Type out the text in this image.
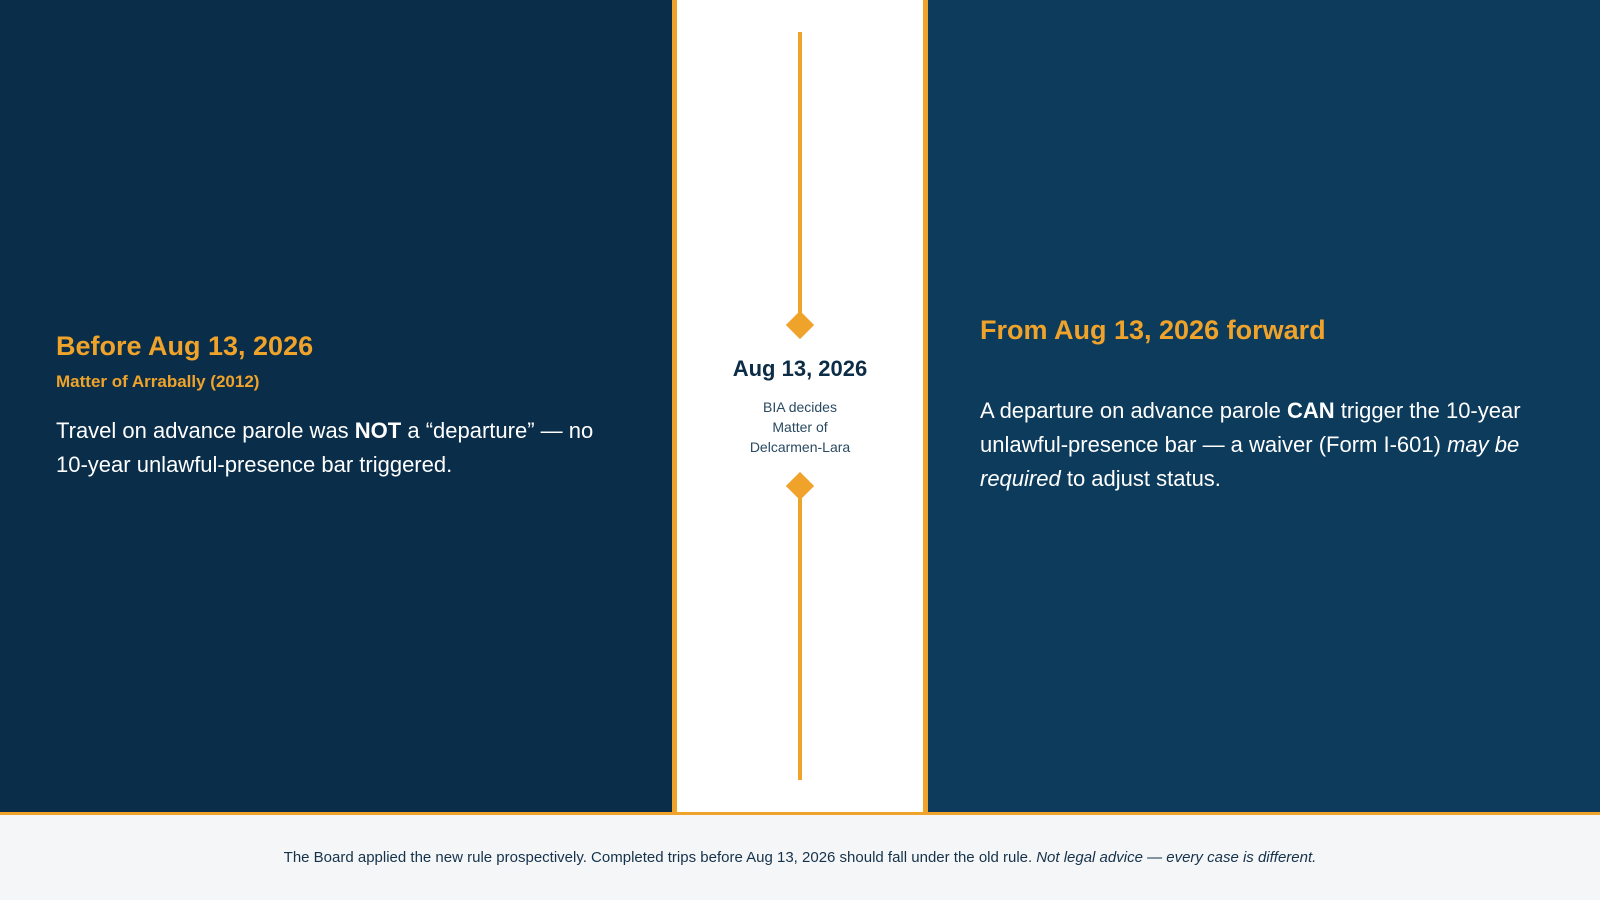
Before Aug 13, 2026
Matter of Arrabally (2012)
Travel on advance parole was NOT a “departure” — no 10-year unlawful-presence bar triggered.
Aug 13, 2026
BIA decides
Matter of
Delcarmen-Lara
From Aug 13, 2026 forward
A departure on advance parole CAN trigger the 10-year unlawful-presence bar — a waiver (Form I-601) may be required to adjust status.
The Board applied the new rule prospectively. Completed trips before Aug 13, 2026 should fall under the old rule. Not legal advice — every case is different.
